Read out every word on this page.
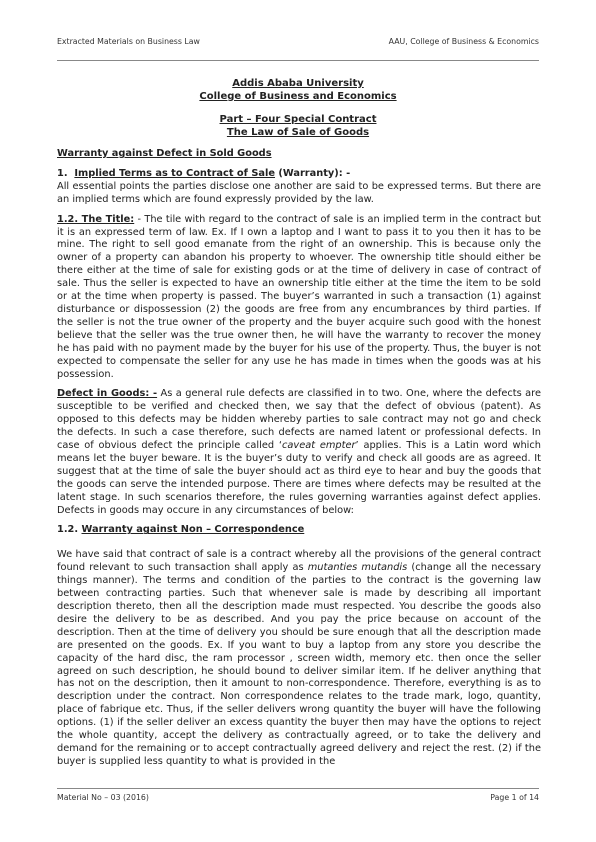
Extracted Materials on Business Law	AAU, College of Business & Economics
Addis Ababa University
College of Business and Economics
Part – Four Special Contract
The Law of Sale of Goods

Warranty against Defect in Sold Goods

1. Implied Terms as to Contract of Sale (Warranty): -

All essential points the parties disclose one another are said to be expressed terms. But there are an implied terms which are found expressly provided by the law.

1.2. The Title: - The tile with regard to the contract of sale is an implied term in the contract but it is an expressed term of law. Ex. If I own a laptop and I want to pass it to you then it has to be mine. The right to sell good emanate from the right of an ownership. This is because only the owner of a property can abandon his property to whoever. The ownership title should either be there either at the time of sale for existing gods or at the time of delivery in case of contract of sale. Thus the seller is expected to have an ownership title either at the time the item to be sold or at the time when property is passed. The buyer’s warranted in such a transaction (1) against disturbance or dispossession (2) the goods are free from any encumbrances by third parties. If the seller is not the true owner of the property and the buyer acquire such good with the honest believe that the seller was the true owner then, he will have the warranty to recover the money he has paid with no payment made by the buyer for his use of the property. Thus, the buyer is not expected to compensate the seller for any use he has made in times when the goods was at his possession.

Defect in Goods: - As a general rule defects are classified in to two. One, where the defects are susceptible to be verified and checked then, we say that the defect of obvious (patent). As opposed to this defects may be hidden whereby parties to sale contract may not go and check the defects. In such a case therefore, such defects are named latent or professional defects. In case of obvious defect the principle called ‘caveat empter’ applies. This is a Latin word which means let the buyer beware. It is the buyer’s duty to verify and check all goods are as agreed. It suggest that at the time of sale the buyer should act as third eye to hear and buy the goods that the goods can serve the intended purpose. There are times where defects may be resulted at the latent stage. In such scenarios therefore, the rules governing warranties against defect applies. Defects in goods may occure in any circumstances of below:

1.2. Warranty against Non – Correspondence

We have said that contract of sale is a contract whereby all the provisions of the general contract found relevant to such transaction shall apply as mutanties mutandis (change all the necessary things manner). The terms and condition of the parties to the contract is the governing law between contracting parties. Such that whenever sale is made by describing all important description thereto, then all the description made must respected. You describe the goods also desire the delivery to be as described. And you pay the price because on account of the description. Then at the time of delivery you should be sure enough that all the description made are presented on the goods. Ex. If you want to buy a laptop from any store you describe the capacity of the hard disc, the ram processor , screen width, memory etc. then once the seller agreed on such description, he should bound to deliver similar item. If he deliver anything that has not on the description, then it amount to non-correspondence. Therefore, everything is as to description under the contract. Non correspondence relates to the trade mark, logo, quantity, place of fabrique etc. Thus, if the seller delivers wrong quantity the buyer will have the following options. (1) if the seller deliver an excess quantity the buyer then may have the options to reject the whole quantity, accept the delivery as contractually agreed, or to take the delivery and demand for the remaining or to accept contractually agreed delivery and reject the rest. (2) if the buyer is supplied less quantity to what is provided in the

Material No – 03 (2016)	Page 1 of 14
